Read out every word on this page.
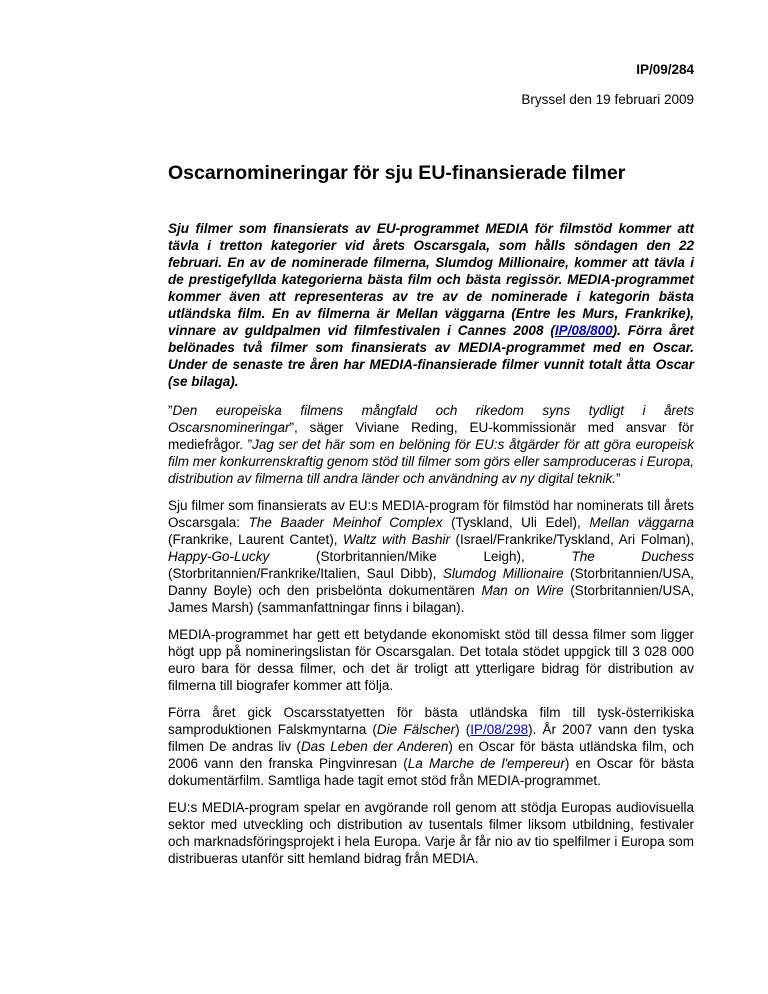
IP/09/284
Bryssel den 19 februari 2009
Oscarnomineringar för sju EU-finansierade filmer

Sju filmer som finansierats av EU-programmet MEDIA för filmstöd kommer att tävla i tretton kategorier vid årets Oscarsgala, som hålls söndagen den 22 februari. En av de nominerade filmerna, Slumdog Millionaire, kommer att tävla i de prestigefyllda kategorierna bästa film och bästa regissör. MEDIA-programmet kommer även att representeras av tre av de nominerade i kategorin bästa utländska film. En av filmerna är Mellan väggarna (Entre les Murs, Frankrike), vinnare av guldpalmen vid filmfestivalen i Cannes 2008 (IP/08/800). Förra året belönades två filmer som finansierats av MEDIA-programmet med en Oscar. Under de senaste tre åren har MEDIA-finansierade filmer vunnit totalt åtta Oscar (se bilaga).

”Den europeiska filmens mångfald och rikedom syns tydligt i årets Oscarsnomineringar”, säger Viviane Reding, EU-kommissionär med ansvar för mediefrågor. ”Jag ser det här som en belöning för EU:s åtgärder för att göra europeisk film mer konkurrenskraftig genom stöd till filmer som görs eller samproduceras i Europa, distribution av filmerna till andra länder och användning av ny digital teknik.”

Sju filmer som finansierats av EU:s MEDIA-program för filmstöd har nominerats till årets Oscarsgala: The Baader Meinhof Complex (Tyskland, Uli Edel), Mellan väggarna (Frankrike, Laurent Cantet), Waltz with Bashir (Israel/Frankrike/Tyskland, Ari Folman), Happy-Go-Lucky (Storbritannien/Mike Leigh), The Duchess (Storbritannien/Frankrike/Italien, Saul Dibb), Slumdog Millionaire (Storbritannien/USA, Danny Boyle) och den prisbelönta dokumentären Man on Wire (Storbritannien/USA, James Marsh) (sammanfattningar finns i bilagan).

MEDIA-programmet har gett ett betydande ekonomiskt stöd till dessa filmer som ligger högt upp på nomineringslistan för Oscarsgalan. Det totala stödet uppgick till 3 028 000 euro bara för dessa filmer, och det är troligt att ytterligare bidrag för distribution av filmerna till biografer kommer att följa.

Förra året gick Oscarsstatyetten för bästa utländska film till tysk-österrikiska samproduktionen Falskmyntarna (Die Fälscher) (IP/08/298). År 2007 vann den tyska filmen De andras liv (Das Leben der Anderen) en Oscar för bästa utländska film, och 2006 vann den franska Pingvinresan (La Marche de l'empereur) en Oscar för bästa dokumentärfilm. Samtliga hade tagit emot stöd från MEDIA-programmet.

EU:s MEDIA-program spelar en avgörande roll genom att stödja Europas audiovisuella sektor med utveckling och distribution av tusentals filmer liksom utbildning, festivaler och marknadsföringsprojekt i hela Europa. Varje år får nio av tio spelfilmer i Europa som distribueras utanför sitt hemland bidrag från MEDIA.
